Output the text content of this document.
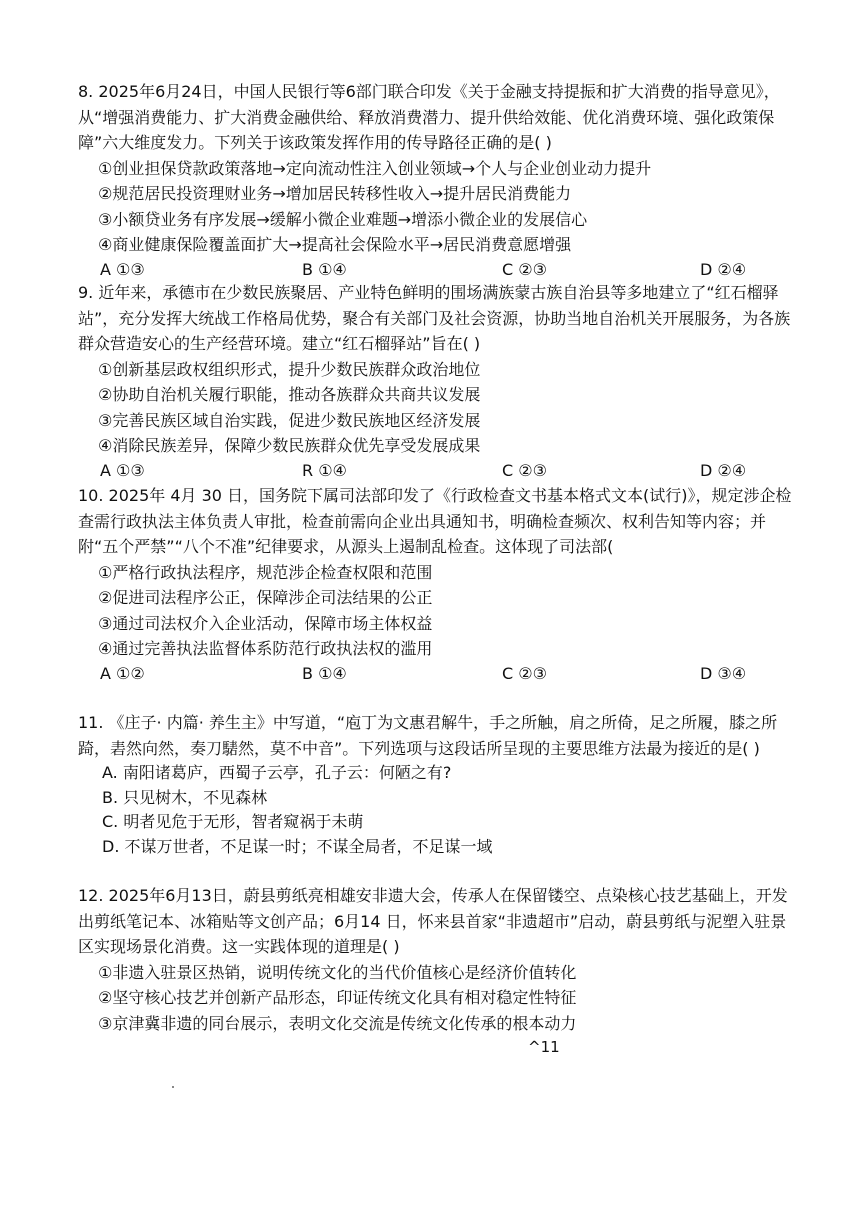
8. 2025年6月24日，中国人民银行等6部门联合印发《关于金融支持提振和扩大消费的指导意见》，从“增强消费能力、扩大消费金融供给、释放消费潜力、提升供给效能、优化消费环境、强化政策保障”六大维度发力。下列关于该政策发挥作用的传导路径正确的是( )

①创业担保贷款政策落地→定向流动性注入创业领域→个人与企业创业动力提升
②规范居民投资理财业务→增加居民转移性收入→提升居民消费能力
③小额贷业务有序发展→缓解小微企业难题→增添小微企业的发展信心
④商业健康保险覆盖面扩大→提高社会保险水平→居民消费意愿增强
A ①③	B ①④	C ②③	D ②④

9. 近年来，承德市在少数民族聚居、产业特色鲜明的围场满族蒙古族自治县等多地建立了“红石榴驿站”，充分发挥大统战工作格局优势，聚合有关部门及社会资源，协助当地自治机关开展服务，为各族群众营造安心的生产经营环境。建立“红石榴驿站”旨在( )

①创新基层政权组织形式，提升少数民族群众政治地位
②协助自治机关履行职能，推动各族群众共商共议发展
③完善民族区域自治实践，促进少数民族地区经济发展
④消除民族差异，保障少数民族群众优先享受发展成果
A ①③	R ①④	C ②③	D ②④

10. 2025年 4月 30 日，国务院下属司法部印发了《行政检查文书基本格式文本(试行)》，规定涉企检查需行政执法主体负责人审批，检查前需向企业出具通知书，明确检查频次、权利告知等内容；并附“五个严禁”“八个不准”纪律要求，从源头上遏制乱检查。这体现了司法部(

①严格行政执法程序，规范涉企检查权限和范围
②促进司法程序公正，保障涉企司法结果的公正
③通过司法权介入企业活动，保障市场主体权益
④通过完善执法监督体系防范行政执法权的滥用
A ①②	B ①④	C ②③	D ③④

11. 《庄子· 内篇· 养生主》中写道，“庖丁为文惠君解牛，手之所触，肩之所倚，足之所履，膝之所踦，砉然向然，奏刀騞然，莫不中音”。下列选项与这段话所呈现的主要思维方法最为接近的是( )

A. 南阳诸葛庐，西蜀子云亭，孔子云：何陋之有?
B. 只见树木，不见森林
C. 明者见危于无形，智者窥祸于未萌
D. 不谋万世者，不足谋一时；不谋全局者，不足谋一域

12. 2025年6月13日，蔚县剪纸亮相雄安非遗大会，传承人在保留镂空、点染核心技艺基础上，开发出剪纸笔记本、冰箱贴等文创产品；6月14 日，怀来县首家“非遗超市”启动，蔚县剪纸与泥塑入驻景区实现场景化消费。这一实践体现的道理是( )

①非遗入驻景区热销，说明传统文化的当代价值核心是经济价值转化
②坚守核心技艺并创新产品形态，印证传统文化具有相对稳定性特征
③京津冀非遗的同台展示，表明文化交流是传统文化传承的根本动力
^11
